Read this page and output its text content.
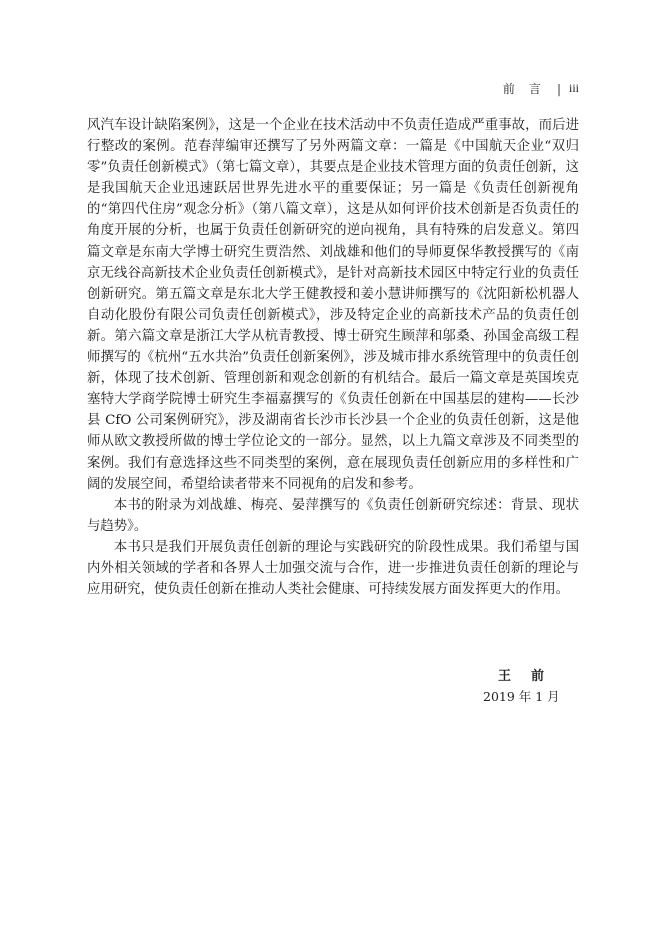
前言 | iii

风汽车设计缺陷案例》，这是一个企业在技术活动中不负责任造成严重事故，而后进行整改的案例。范春萍编审还撰写了另外两篇文章：一篇是《中国航天企业“双归零”负责任创新模式》（第七篇文章），其要点是企业技术管理方面的负责任创新，这是我国航天企业迅速跃居世界先进水平的重要保证；另一篇是《负责任创新视角的“第四代住房”观念分析》（第八篇文章），这是从如何评价技术创新是否负责任的角度开展的分析，也属于负责任创新研究的逆向视角，具有特殊的启发意义。第四篇文章是东南大学博士研究生贾浩然、刘战雄和他们的导师夏保华教授撰写的《南京无线谷高新技术企业负责任创新模式》，是针对高新技术园区中特定行业的负责任创新研究。第五篇文章是东北大学王健教授和姜小慧讲师撰写的《沈阳新松机器人自动化股份有限公司负责任创新模式》，涉及特定企业的高新技术产品的负责任创新。第六篇文章是浙江大学从杭青教授、博士研究生顾萍和邬桑、孙国金高级工程师撰写的《杭州“五水共治”负责任创新案例》，涉及城市排水系统管理中的负责任创新，体现了技术创新、管理创新和观念创新的有机结合。最后一篇文章是英国埃克塞特大学商学院博士研究生李福嘉撰写的《负责任创新在中国基层的建构——长沙县 CfO 公司案例研究》，涉及湖南省长沙市长沙县一个企业的负责任创新，这是他师从欧文教授所做的博士学位论文的一部分。显然，以上九篇文章涉及不同类型的案例。我们有意选择这些不同类型的案例，意在展现负责任创新应用的多样性和广阔的发展空间，希望给读者带来不同视角的启发和参考。

本书的附录为刘战雄、梅亮、晏萍撰写的《负责任创新研究综述：背景、现状与趋势》。

本书只是我们开展负责任创新的理论与实践研究的阶段性成果。我们希望与国内外相关领域的学者和各界人士加强交流与合作，进一步推进负责任创新的理论与应用研究，使负责任创新在推动人类社会健康、可持续发展方面发挥更大的作用。

王前
2019 年 1 月
